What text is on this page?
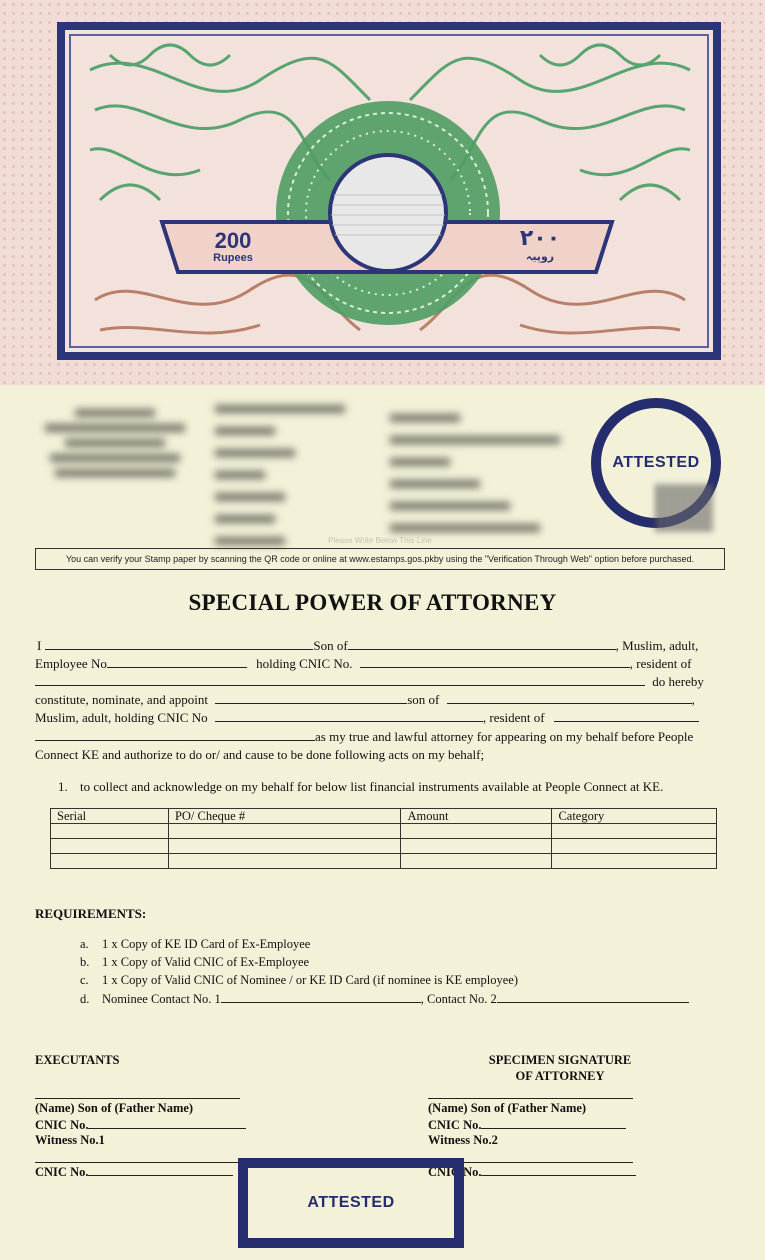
200
Rupees
۲۰۰
روپیہ
ATTESTED
Please Write Below This Line
You can verify your Stamp paper by scanning the QR code or online at www.estamps.gos.pkby using the "Verification Through Web" option before purchased.
SPECIAL POWER OF ATTORNEY
I	Son of	, Muslim, adult,
Employee No	holding CNIC No.	, resident of
do hereby
constitute, nominate, and appoint	son of	,
Muslim, adult, holding CNIC No	, resident of
as my true and lawful attorney for appearing on my behalf before People
Connect KE and authorize to do or/ and cause to be done following acts on my behalf;
1. to collect and acknowledge on my behalf for below list financial instruments available at People Connect at KE.
Serial	PO/ Cheque #	Amount	Category

REQUIREMENTS:
a. 1 x Copy of KE ID Card of Ex-Employee
b. 1 x Copy of Valid CNIC of Ex-Employee
c. 1 x Copy of Valid CNIC of Nominee / or KE ID Card (if nominee is KE employee)
d. Nominee Contact No. 1	, Contact No. 2
EXECUTANTS	SPECIMEN SIGNATURE
OF ATTORNEY
(Name) Son of (Father Name)	(Name) Son of (Father Name)
CNIC No.	CNIC No.
Witness No.1	Witness No.2
CNIC No.	CNIC No.
ATTESTED
